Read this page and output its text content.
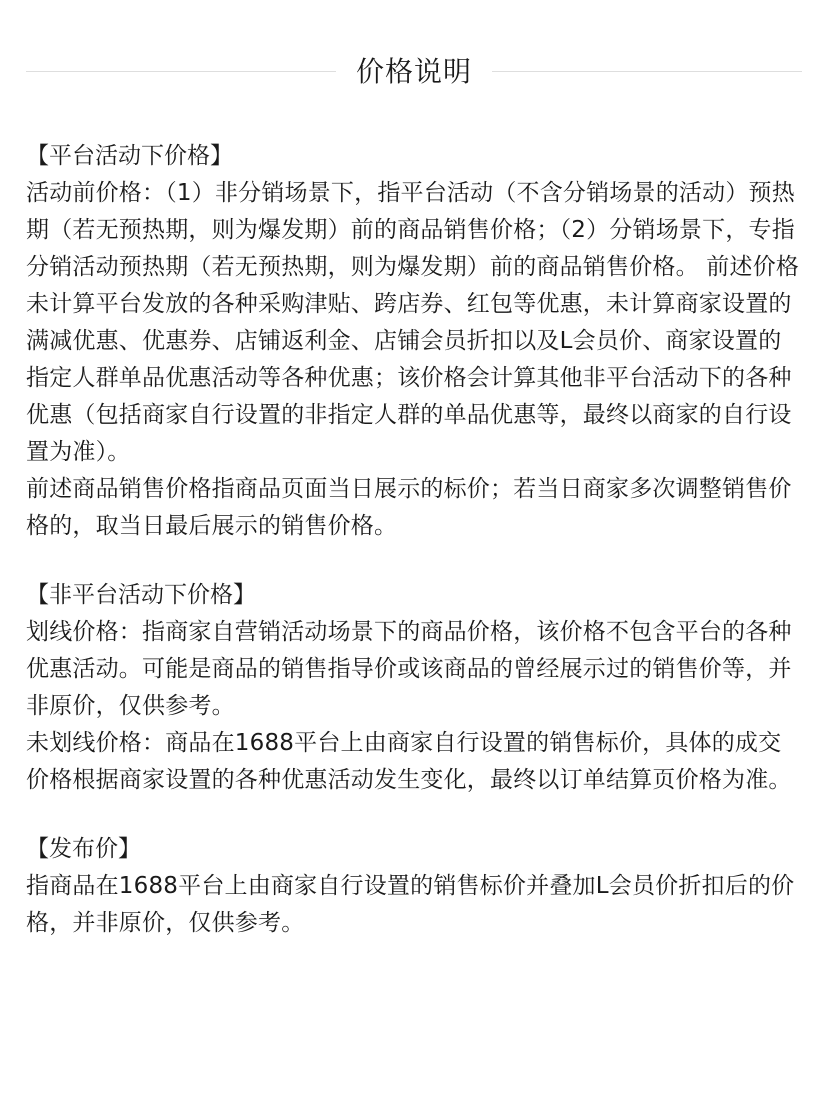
价格说明

【平台活动下价格】

活动前价格：（1）非分销场景下，指平台活动（不含分销场景的活动）预热期（若无预热期，则为爆发期）前的商品销售价格；（2）分销场景下，专指分销活动预热期（若无预热期，则为爆发期）前的商品销售价格。 前述价格未计算平台发放的各种采购津贴、跨店券、红包等优惠，未计算商家设置的满减优惠、优惠券、店铺返利金、店铺会员折扣以及L会员价、商家设置的指定人群单品优惠活动等各种优惠；该价格会计算其他非平台活动下的各种优惠（包括商家自行设置的非指定人群的单品优惠等，最终以商家的自行设置为准）。

前述商品销售价格指商品页面当日展示的标价；若当日商家多次调整销售价格的，取当日最后展示的销售价格。

【非平台活动下价格】

划线价格：指商家自营销活动场景下的商品价格，该价格不包含平台的各种优惠活动。可能是商品的销售指导价或该商品的曾经展示过的销售价等，并非原价，仅供参考。

未划线价格：商品在1688平台上由商家自行设置的销售标价，具体的成交价格根据商家设置的各种优惠活动发生变化，最终以订单结算页价格为准。

【发布价】

指商品在1688平台上由商家自行设置的销售标价并叠加L会员价折扣后的价格，并非原价，仅供参考。
